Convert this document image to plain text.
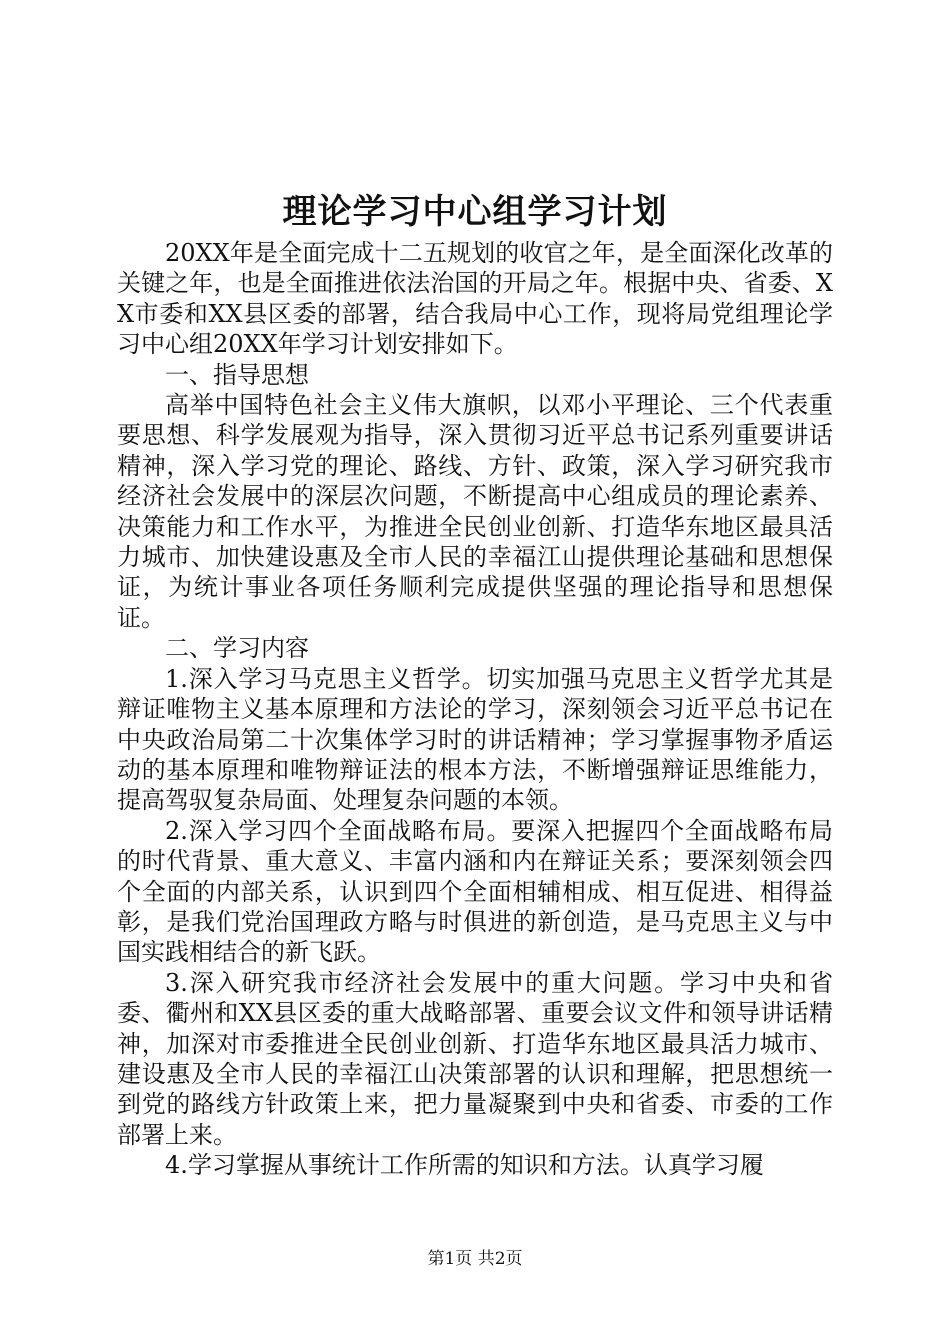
理论学习中心组学习计划

20XX年是全面完成十二五规划的收官之年，是全面深化改革的关键之年，也是全面推进依法治国的开局之年。根据中央、省委、XX市委和XX县区委的部署，结合我局中心工作，现将局党组理论学习中心组20XX年学习计划安排如下。

一、指导思想

高举中国特色社会主义伟大旗帜，以邓小平理论、三个代表重要思想、科学发展观为指导，深入贯彻习近平总书记系列重要讲话精神，深入学习党的理论、路线、方针、政策，深入学习研究我市经济社会发展中的深层次问题，不断提高中心组成员的理论素养、决策能力和工作水平，为推进全民创业创新、打造华东地区最具活力城市、加快建设惠及全市人民的幸福江山提供理论基础和思想保证，为统计事业各项任务顺利完成提供坚强的理论指导和思想保证。

二、学习内容

1.深入学习马克思主义哲学。切实加强马克思主义哲学尤其是辩证唯物主义基本原理和方法论的学习，深刻领会习近平总书记在中央政治局第二十次集体学习时的讲话精神；学习掌握事物矛盾运动的基本原理和唯物辩证法的根本方法，不断增强辩证思维能力，提高驾驭复杂局面、处理复杂问题的本领。

2.深入学习四个全面战略布局。要深入把握四个全面战略布局的时代背景、重大意义、丰富内涵和内在辩证关系；要深刻领会四个全面的内部关系，认识到四个全面相辅相成、相互促进、相得益彰，是我们党治国理政方略与时俱进的新创造，是马克思主义与中国实践相结合的新飞跃。

3.深入研究我市经济社会发展中的重大问题。学习中央和省委、衢州和XX县区委的重大战略部署、重要会议文件和领导讲话精神，加深对市委推进全民创业创新、打造华东地区最具活力城市、建设惠及全市人民的幸福江山决策部署的认识和理解，把思想统一到党的路线方针政策上来，把力量凝聚到中央和省委、市委的工作部署上来。

4.学习掌握从事统计工作所需的知识和方法。认真学习履

第1页 共2页
